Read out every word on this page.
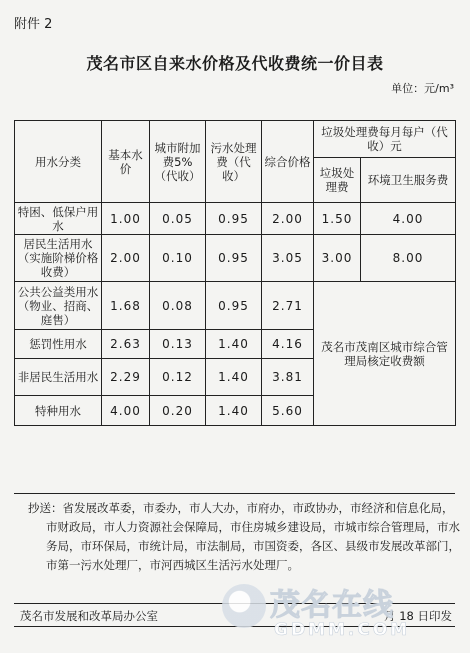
附件 2
茂名市区自来水价格及代收费统一价目表
单位：元/m³
用水分类	基本水价	城市附加费5%（代收）	污水处理费（代收）	综合价格	垃圾处理费每月每户（代收）元	
					垃圾处理费	环境卫生服务费
特困、低保户用水	1.00	0.05	0.95	2.00	1.50	4.00
居民生活用水（实施阶梯价格收费）	2.00	0.10	0.95	3.05	3.00	8.00
公共公益类用水（物业、招商、庭售）	1.68	0.08	0.95	2.71	茂名市茂南区城市综合管理局核定收费额	
惩罚性用水	2.63	0.13	1.40	4.16		
非居民生活用水	2.29	0.12	1.40	3.81		
特种用水	4.00	0.20	1.40	5.60		
抄送：省发展改革委，市委办，市人大办，市府办，市政协办，市经济和信息化局，市财政局，市人力资源社会保障局，市住房城乡建设局，市城市综合管理局，市水务局，市环保局，市统计局，市法制局，市国资委，各区、县级市发展改革部门，市第一污水处理厂，市河西城区生活污水处理厂。
茂名市发展和改革局办公室	月 18 日印发
茂名在线
GDMM.COM
